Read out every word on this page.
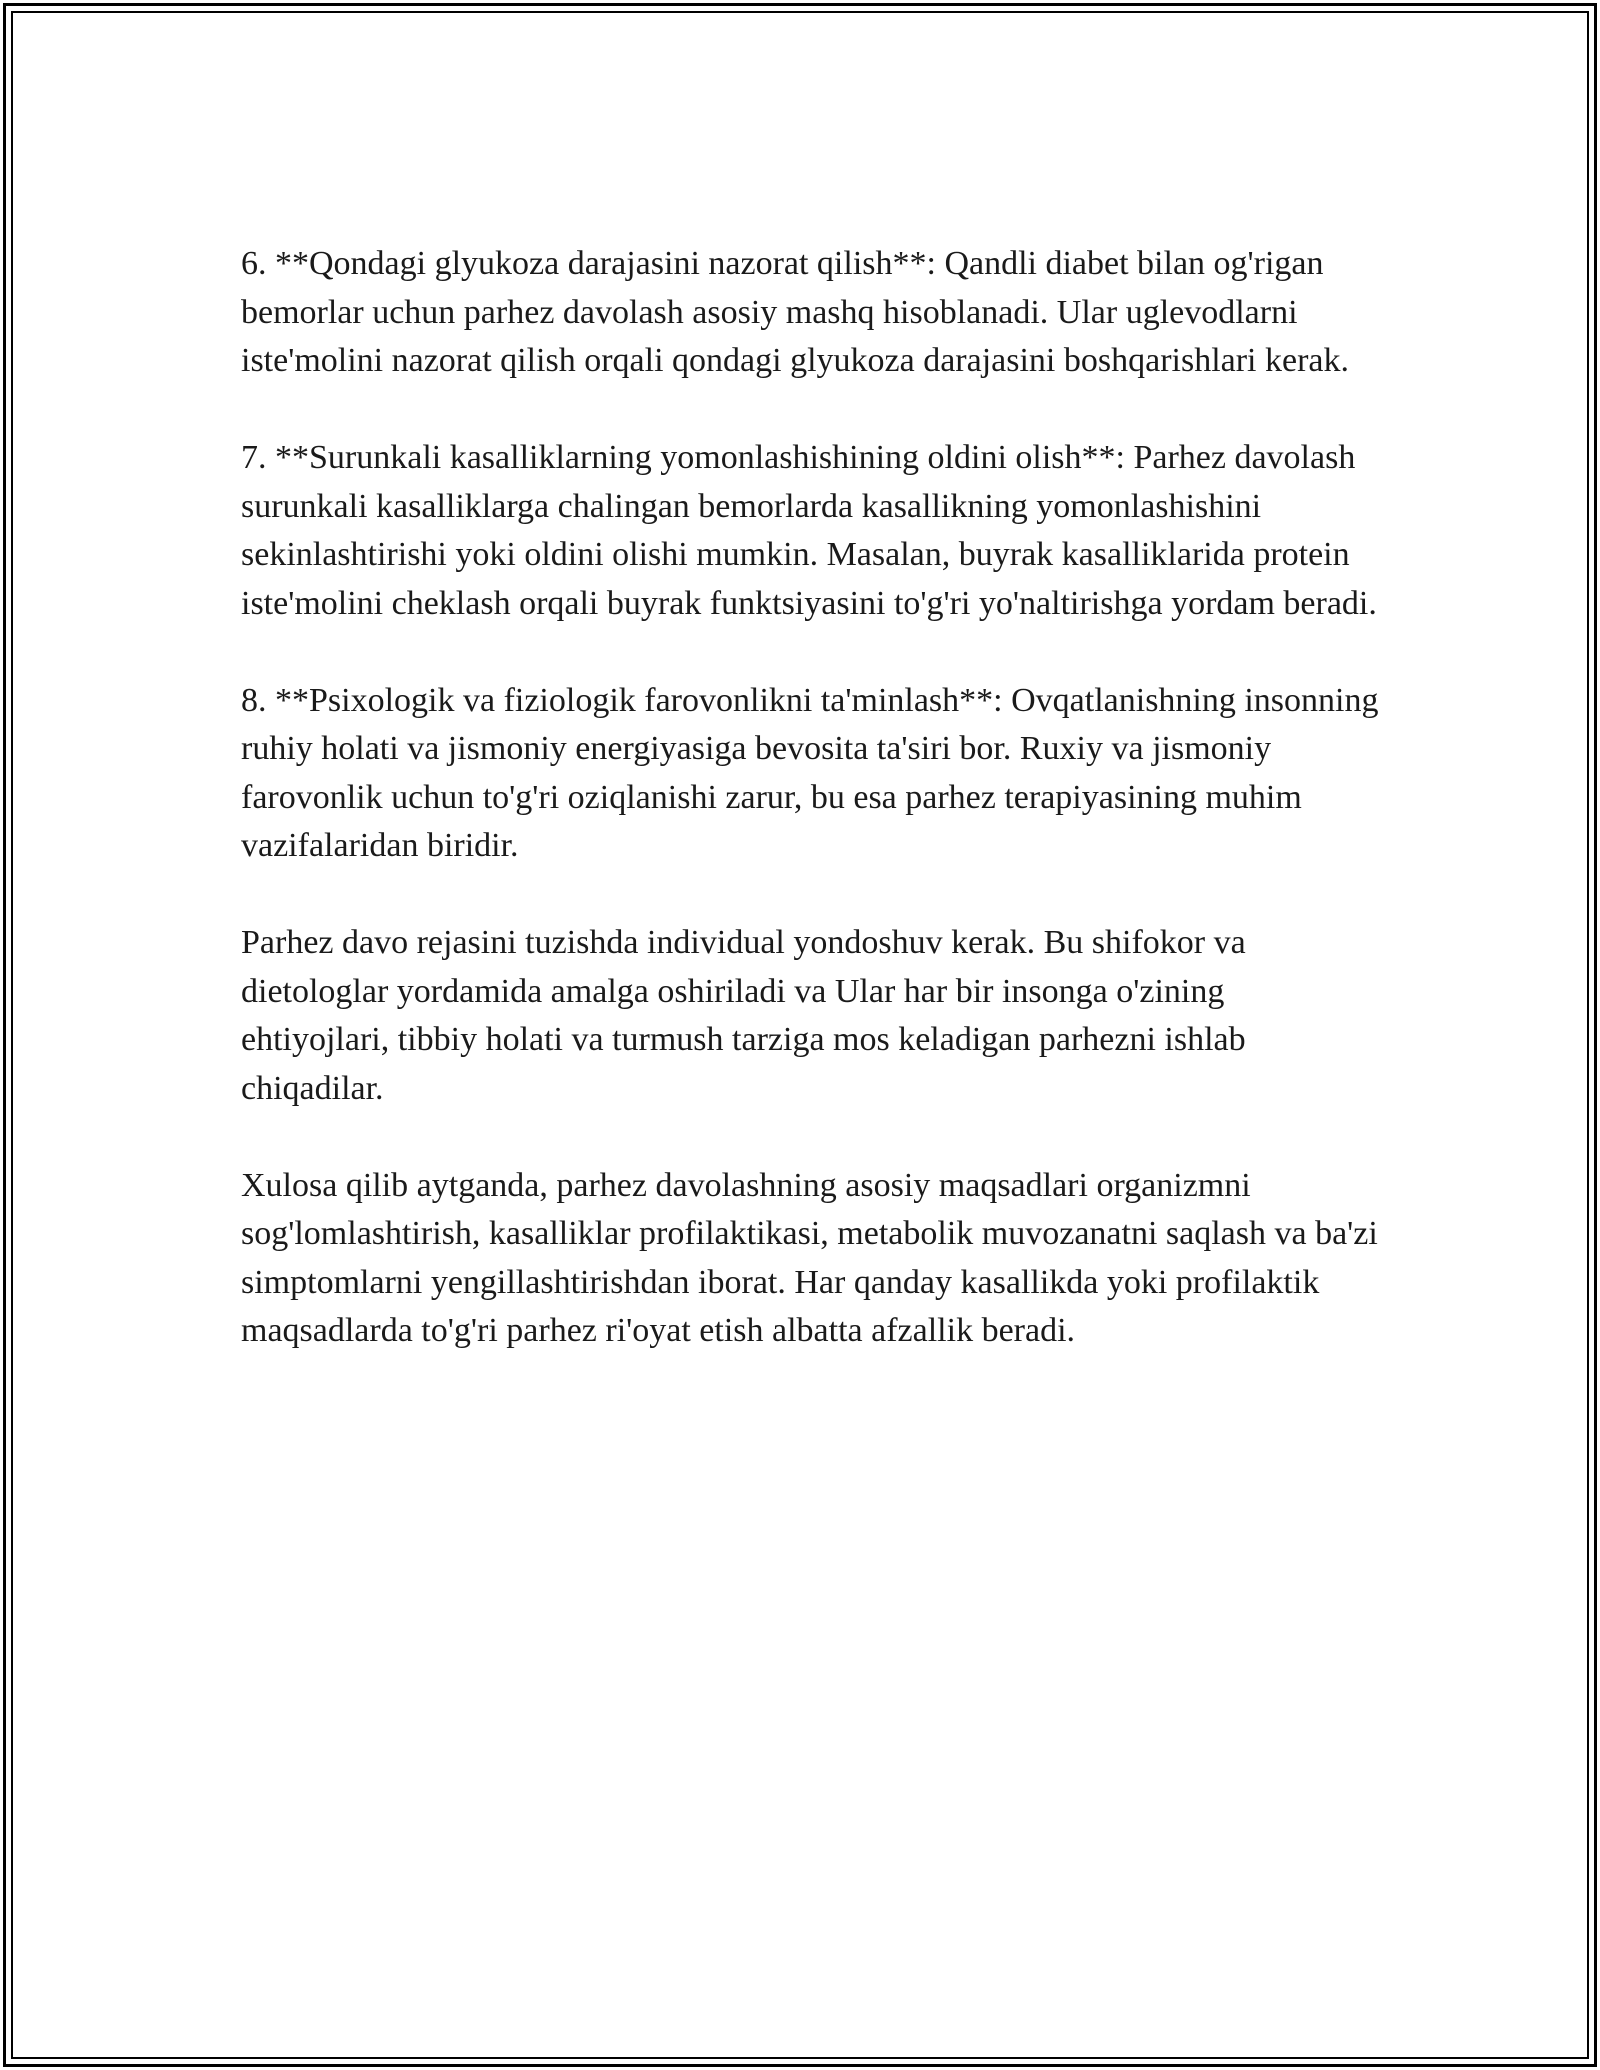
6. **Qondagi glyukoza darajasini nazorat qilish**: Qandli diabet bilan og'rigan bemorlar uchun parhez davolash asosiy mashq hisoblanadi. Ular uglevodlarni iste'molini nazorat qilish orqali qondagi glyukoza darajasini boshqarishlari kerak.

7. **Surunkali kasalliklarning yomonlashishining oldini olish**: Parhez davolash surunkali kasalliklarga chalingan bemorlarda kasallikning yomonlashishini sekinlashtirishi yoki oldini olishi mumkin. Masalan, buyrak kasalliklarida protein iste'molini cheklash orqali buyrak funktsiyasini to'g'ri yo'naltirishga yordam beradi.

8. **Psixologik va fiziologik farovonlikni ta'minlash**: Ovqatlanishning insonning ruhiy holati va jismoniy energiyasiga bevosita ta'siri bor. Ruxiy va jismoniy farovonlik uchun to'g'ri oziqlanishi zarur, bu esa parhez terapiyasining muhim vazifalaridan biridir.

Parhez davo rejasini tuzishda individual yondoshuv kerak. Bu shifokor va dietologlar yordamida amalga oshiriladi va Ular har bir insonga o'zining ehtiyojlari, tibbiy holati va turmush tarziga mos keladigan parhezni ishlab chiqadilar.

Xulosa qilib aytganda, parhez davolashning asosiy maqsadlari organizmni sog'lomlashtirish, kasalliklar profilaktikasi, metabolik muvozanatni saqlash va ba'zi simptomlarni yengillashtirishdan iborat. Har qanday kasallikda yoki profilaktik maqsadlarda to'g'ri parhez ri'oyat etish albatta afzallik beradi.
